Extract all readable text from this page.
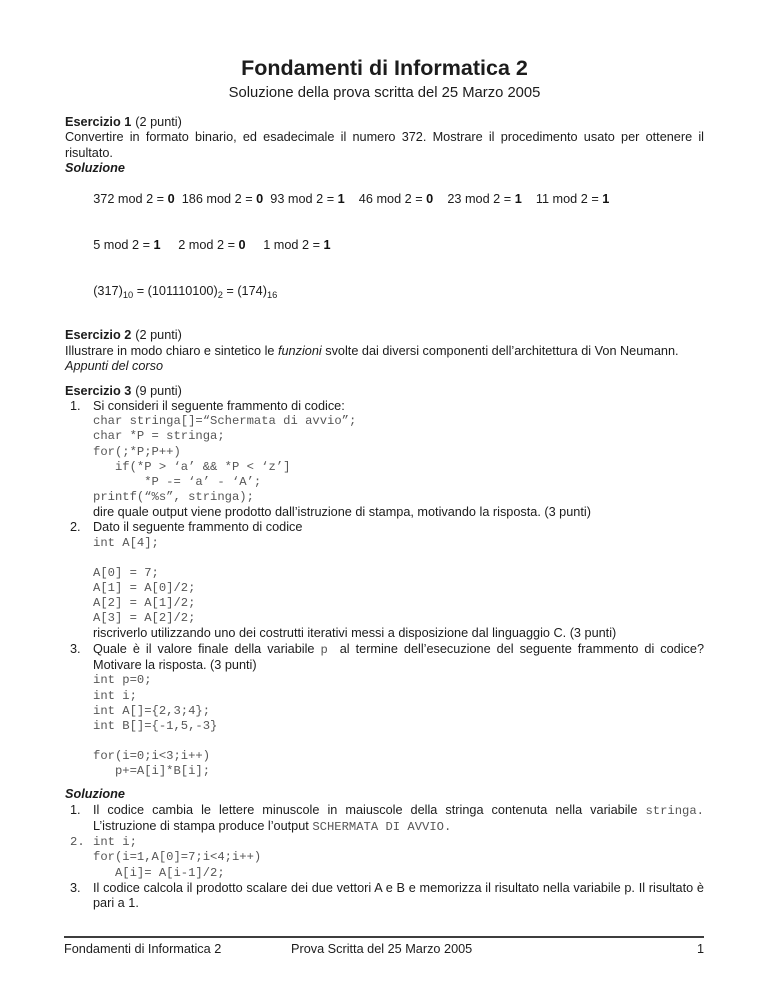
Fondamenti di Informatica 2
Soluzione della prova scritta del 25 Marzo 2005
Esercizio 1 (2 punti)
Convertire in formato binario, ed esadecimale il numero 372. Mostrare il procedimento usato per ottenere il risultato.
Soluzione

372 mod 2 = 0  186 mod 2 = 0  93 mod 2 = 1    46 mod 2 = 0    23 mod 2 = 1    11 mod 2 = 1

5 mod 2 = 1     2 mod 2 = 0     1 mod 2 = 1

$(317)_{10} = (101110100)_2 = (174)_{16}$

Esercizio 2 (2 punti)
Illustrare in modo chiaro e sintetico le funzioni svolte dai diversi componenti dell’architettura di Von Neumann.
Appunti del corso
Esercizio 3 (9 punti)
1. Si consideri il seguente frammento di codice:
char stringa[]=“Schermata di avvio”;
char *P = stringa;
for(;*P;P++)
if(*P > ‘a’ && *P < ‘z’]
*P -= ‘a’ - ‘A’;
printf(“%s”, stringa);
dire quale output viene prodotto dall’istruzione di stampa, motivando la risposta. (3 punti)
2. Dato il seguente frammento di codice
int A[4];

A[0] = 7;
A[1] = A[0]/2;
A[2] = A[1]/2;
A[3] = A[2]/2;
riscriverlo utilizzando uno dei costrutti iterativi messi a disposizione dal linguaggio C. (3 punti)
3. Quale è il valore finale della variabile p  al termine dell’esecuzione del seguente frammento di codice? Motivare la risposta. (3 punti)
int p=0;
int i;
int A[]={2,3;4};
int B[]={-1,5,-3}

for(i=0;i<3;i++)
p+=A[i]*B[i];
Soluzione
1. Il codice cambia le lettere minuscole in maiuscole della stringa contenuta nella variabile stringa. L’istruzione di stampa produce l’output SCHERMATA DI AVVIO.
2. int i;
for(i=1,A[0]=7;i<4;i++)
A[i]= A[i-1]/2;
3. Il codice calcola il prodotto scalare dei due vettori A e B e memorizza il risultato nella variabile p. Il risultato è pari a 1.
Fondamenti di Informatica 2	Prova Scritta del 25 Marzo 2005	1
